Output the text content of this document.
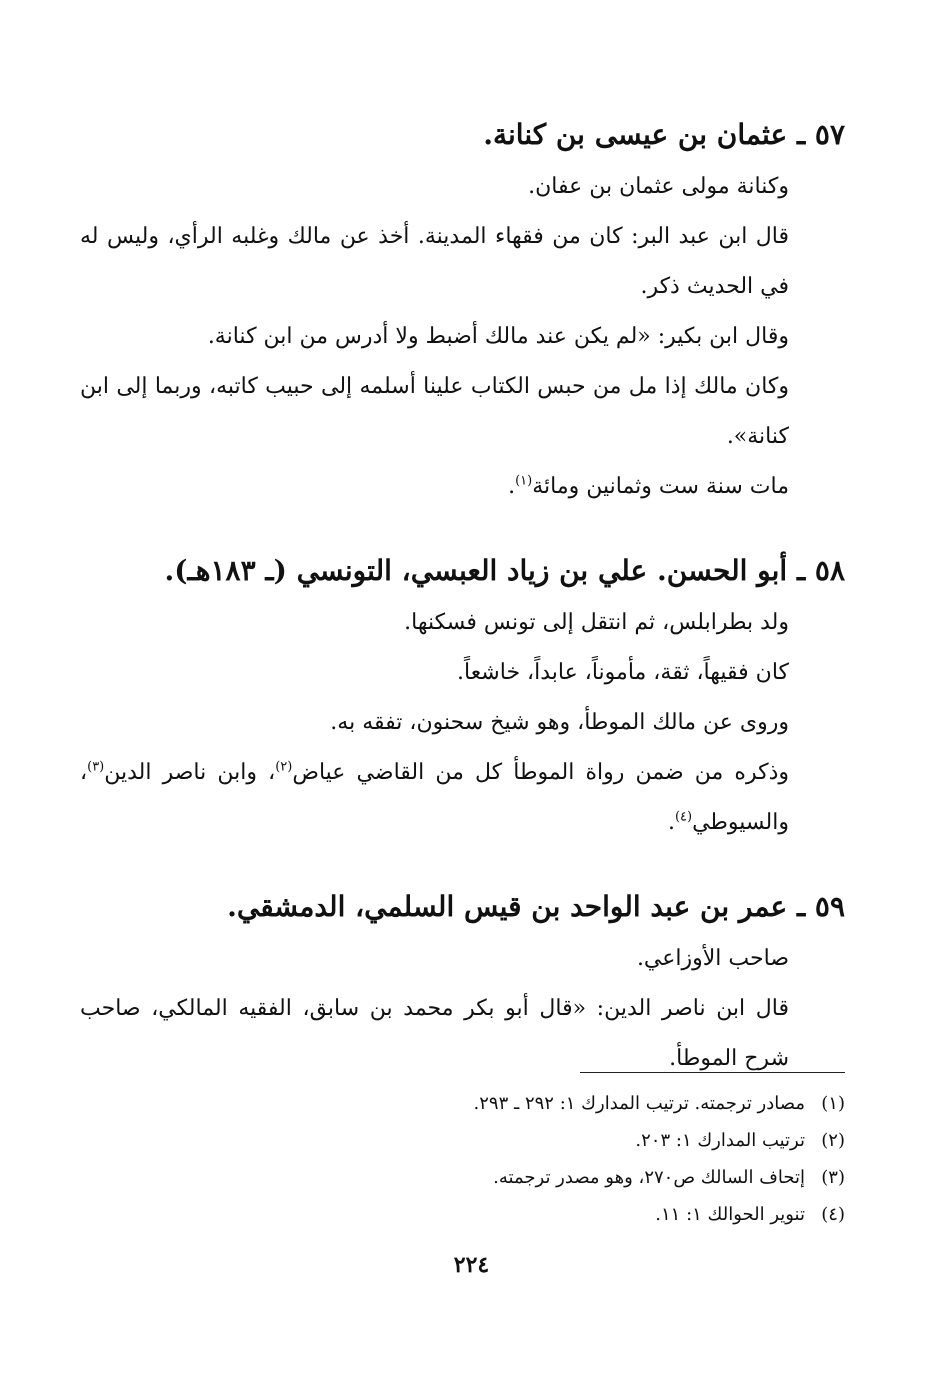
٥٧ ـ عثمان بن عيسى بن كنانة.

وكنانة مولى عثمان بن عفان.

قال ابن عبد البر: كان من فقهاء المدينة. أخذ عن مالك وغلبه الرأي، وليس له في الحديث ذكر.

وقال ابن بكير: «لم يكن عند مالك أضبط ولا أدرس من ابن كنانة.

وكان مالك إذا مل من حبس الكتاب علينا أسلمه إلى حبيب كاتبه، وربما إلى ابن كنانة».

مات سنة ست وثمانين ومائة$^{(١)}$.

٥٨ ـ أبو الحسن. علي بن زياد العبسي، التونسي (ـ ١٨٣هـ).

ولد بطرابلس، ثم انتقل إلى تونس فسكنها.

كان فقيهاً، ثقة، مأموناً، عابداً، خاشعاً.

وروى عن مالك الموطأ، وهو شيخ سحنون، تفقه به.

وذكره من ضمن رواة الموطأ كل من القاضي عياض$^{(٢)}$، وابن ناصر الدين$^{(٣)}$، والسيوطي$^{(٤)}$.

٥٩ ـ عمر بن عبد الواحد بن قيس السلمي، الدمشقي.

صاحب الأوزاعي.

قال ابن ناصر الدين: «قال أبو بكر محمد بن سابق، الفقيه المالكي، صاحب شرح الموطأ.

(١)مصادر ترجمته. ترتيب المدارك ١: ٢٩٢ ـ ٢٩٣.
(٢)ترتيب المدارك ١: ٢٠٣.
(٣)إتحاف السالك ص٢٧٠، وهو مصدر ترجمته.
(٤)تنوير الحوالك ١: ١١.
٢٢٤
